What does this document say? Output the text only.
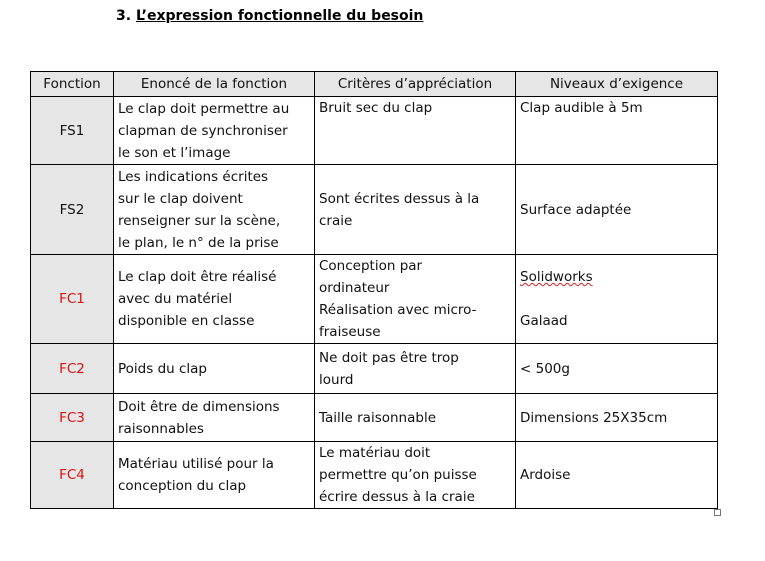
3. L’expression fonctionnelle du besoin
Fonction	Enoncé de la fonction	Critères d’appréciation	Niveaux d’exigence
FS1	Le clap doit permettre au
clapman de synchroniser
le son et l’image	Bruit sec du clap	Clap audible à 5m

FS2	Les indications écrites
sur le clap doivent
renseigner sur la scène,
le plan, le n° de la prise	Sont écrites dessus à la
craie	Surface adaptée

FC1	Le clap doit être réalisé
avec du matériel
disponible en classe	Conception par
ordinateur
Réalisation avec micro-
fraiseuse	Solidworks

Galaad

FC2	Poids du clap	Ne doit pas être trop
lourd	< 500g

FC3	Doit être de dimensions
raisonnables	Taille raisonnable	Dimensions 25X35cm

FC4	Matériau utilisé pour la
conception du clap	Le matériau doit
permettre qu’on puisse
écrire dessus à la craie	Ardoise
